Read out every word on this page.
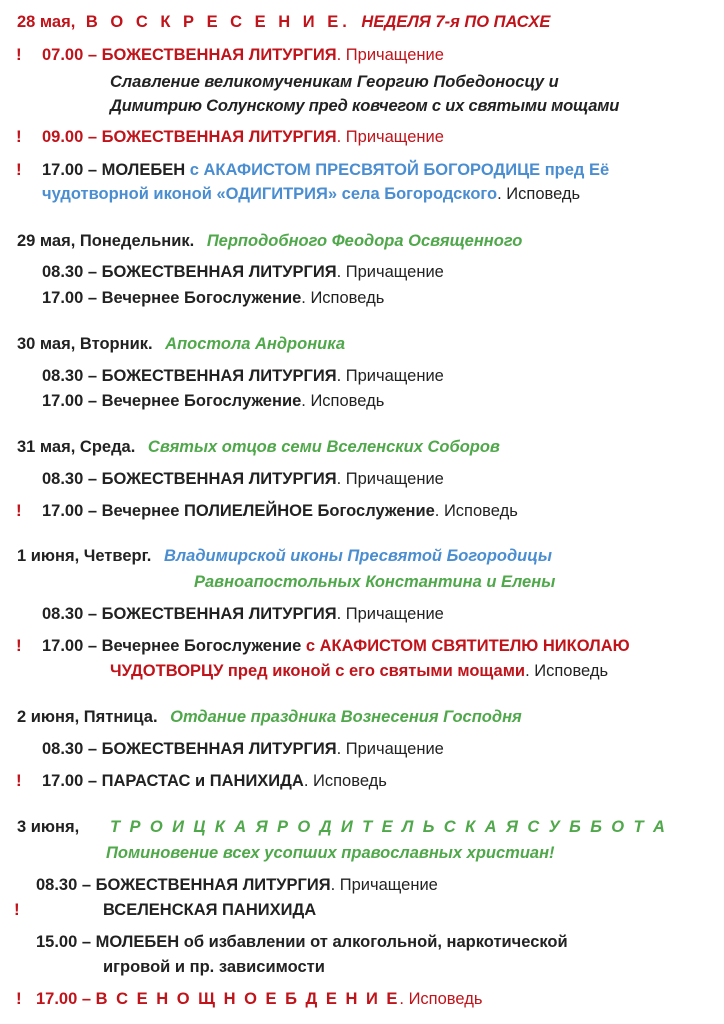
28 мая, В О С К Р Е С Е Н И Е. НЕДЕЛЯ 7-я ПО ПАСХЕ
! 07.00 – БОЖЕСТВЕННАЯ ЛИТУРГИЯ. Причащение
Славление великомученикам Георгию Победоносцу и
Димитрию Солунскому пред ковчегом с их святыми мощами
! 09.00 – БОЖЕСТВЕННАЯ ЛИТУРГИЯ. Причащение
! 17.00 – МОЛЕБЕН с АКАФИСТОМ ПРЕСВЯТОЙ БОГОРОДИЦЕ пред Её
чудотворной иконой «ОДИГИТРИЯ» села Богородского. Исповедь
29 мая, Понедельник. Перподобного Феодора Освященного
08.30 – БОЖЕСТВЕННАЯ ЛИТУРГИЯ. Причащение
17.00 – Вечернее Богослужение. Исповедь
30 мая, Вторник. Апостола Андроника
08.30 – БОЖЕСТВЕННАЯ ЛИТУРГИЯ. Причащение
17.00 – Вечернее Богослужение. Исповедь
31 мая, Среда. Святых отцов семи Вселенских Соборов
08.30 – БОЖЕСТВЕННАЯ ЛИТУРГИЯ. Причащение
! 17.00 – Вечернее ПОЛИЕЛЕЙНОЕ Богослужение. Исповедь
1 июня, Четверг. Владимирской иконы Пресвятой Богородицы
Равноапостольных Константина и Елены
08.30 – БОЖЕСТВЕННАЯ ЛИТУРГИЯ. Причащение
! 17.00 – Вечернее Богослужение с АКАФИСТОМ СВЯТИТЕЛЮ НИКОЛАЮ
ЧУДОТВОРЦУ пред иконой с его святыми мощами. Исповедь
2 июня, Пятница. Отдание праздника Вознесения Господня
08.30 – БОЖЕСТВЕННАЯ ЛИТУРГИЯ. Причащение
! 17.00 – ПАРАСТАС и ПАНИХИДА. Исповедь
3 июня, Т Р О И Ц К А Я Р О Д И Т Е Л Ь С К А Я С У Б Б О Т А
Поминовение всех усопших православных христиан!
08.30 – БОЖЕСТВЕННАЯ ЛИТУРГИЯ. Причащение
!	ВСЕЛЕНСКАЯ ПАНИХИДА
15.00 – МОЛЕБЕН об избавлении от алкогольной, наркотической
игровой и пр. зависимости
! 17.00 – В С Е Н О Щ Н О Е Б Д Е Н И Е. Исповедь
